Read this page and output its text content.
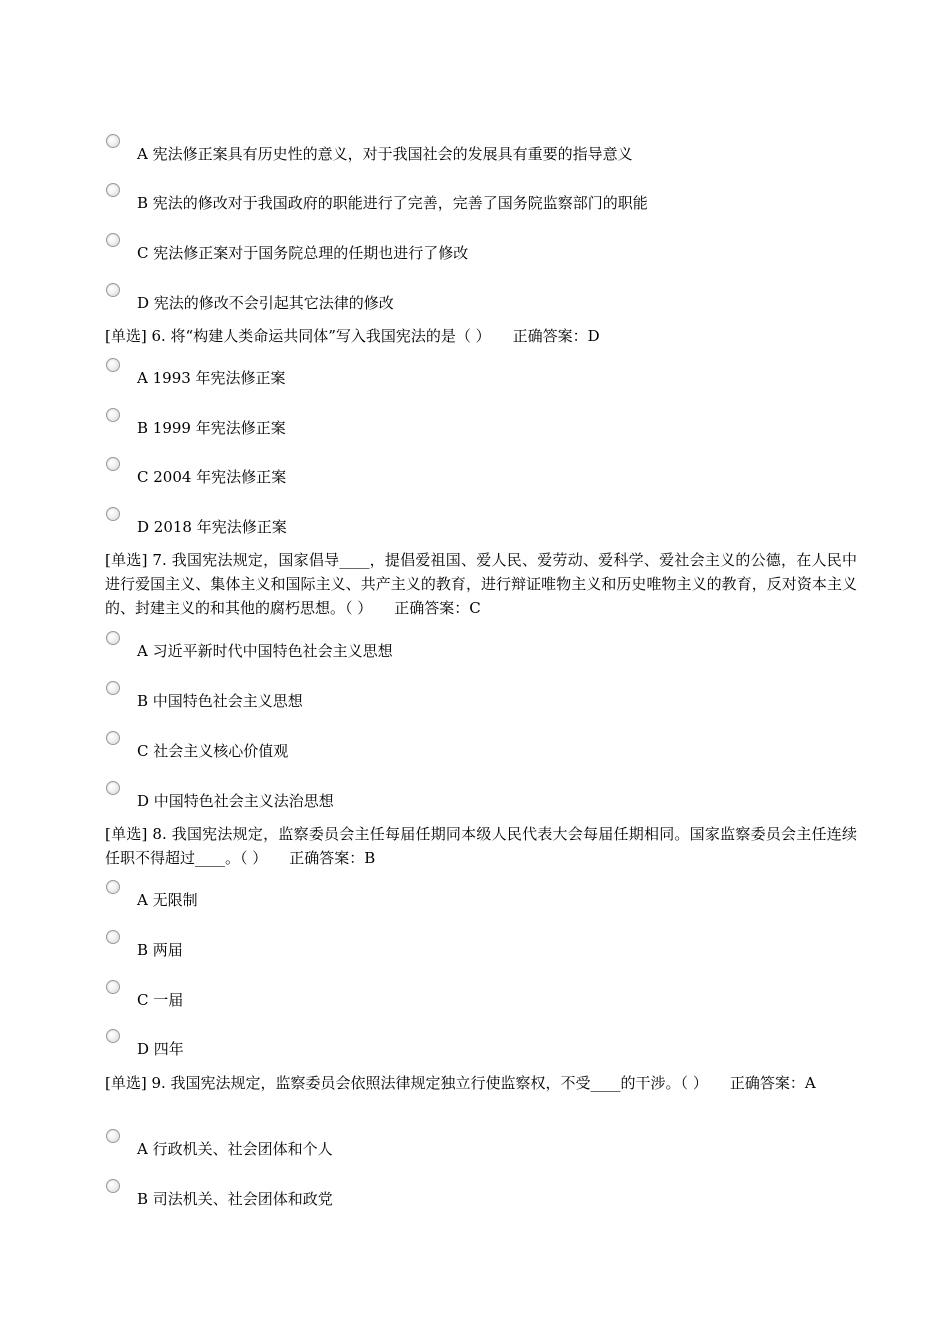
A 宪法修正案具有历史性的意义，对于我国社会的发展具有重要的指导意义
B 宪法的修改对于我国政府的职能进行了完善，完善了国务院监察部门的职能
C 宪法修正案对于国务院总理的任期也进行了修改
D 宪法的修改不会引起其它法律的修改
[单选] 6. 将“构建人类命运共同体”写入我国宪法的是（ ） 正确答案：D
A 1993 年宪法修正案
B 1999 年宪法修正案
C 2004 年宪法修正案
D 2018 年宪法修正案
[单选] 7. 我国宪法规定，国家倡导____，提倡爱祖国、爱人民、爱劳动、爱科学、爱社会主义的公德，在人民中进行爱国主义、集体主义和国际主义、共产主义的教育，进行辩证唯物主义和历史唯物主义的教育，反对资本主义的、封建主义的和其他的腐朽思想。（ ） 正确答案：C
A 习近平新时代中国特色社会主义思想
B 中国特色社会主义思想
C 社会主义核心价值观
D 中国特色社会主义法治思想
[单选] 8. 我国宪法规定，监察委员会主任每届任期同本级人民代表大会每届任期相同。国家监察委员会主任连续任职不得超过____。（ ） 正确答案：B
A 无限制
B 两届
C 一届
D 四年
[单选] 9. 我国宪法规定，监察委员会依照法律规定独立行使监察权，不受____的干涉。（ ） 正确答案：A
A 行政机关、社会团体和个人
B 司法机关、社会团体和政党
